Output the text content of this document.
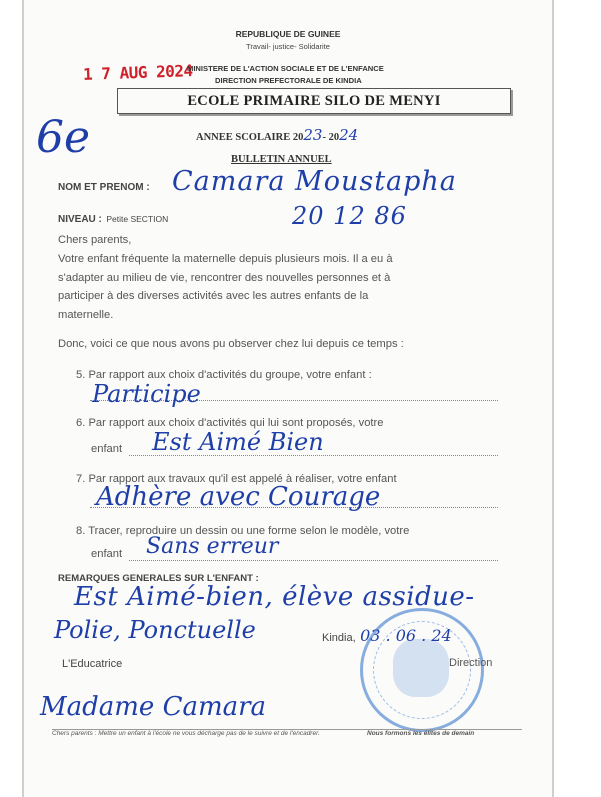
REPUBLIQUE DE GUINEE
Travail- justice- Solidarite
1 7 AUG 2024
MINISTERE DE L'ACTION SOCIALE ET DE L'ENFANCE
DIRECTION PREFECTORALE DE KINDIA
ECOLE PRIMAIRE SILO DE MENYI
6e	ANNEE SCOLAIRE 2023- 2024
BULLETIN ANNUEL
NOM ET PRENOM : Camara Moustapha
NIVEAU : Petite SECTION	20 12 86
Chers parents,
Votre enfant fréquente la maternelle depuis plusieurs mois. Il a eu à
s'adapter au milieu de vie, rencontrer des nouvelles personnes et à
participer à des diverses activités avec les autres enfants de la
maternelle.
Donc, voici ce que nous avons pu observer chez lui depuis ce temps :
5. Par rapport aux choix d'activités du groupe, votre enfant :
Participe
6. Par rapport aux choix d'activités qui lui sont proposés, votre
enfant Est Aimé Bien
7. Par rapport aux travaux qu'il est appelé à réaliser, votre enfant
Adhère avec Courage
8. Tracer, reproduire un dessin ou une forme selon le modèle, votre
enfant Sans erreur
REMARQUES GENERALES SUR L'ENFANT :
Est Aimé-bien, élève assidue-
Polie, Ponctuelle	Kindia, 03 . 06 . 24
Direction
L'Educatrice
Madame Camara
Chers parents : Mettre un enfant à l'école ne vous décharge pas de le suivre et de l'encadrer.	Nous formons les élites de demain
